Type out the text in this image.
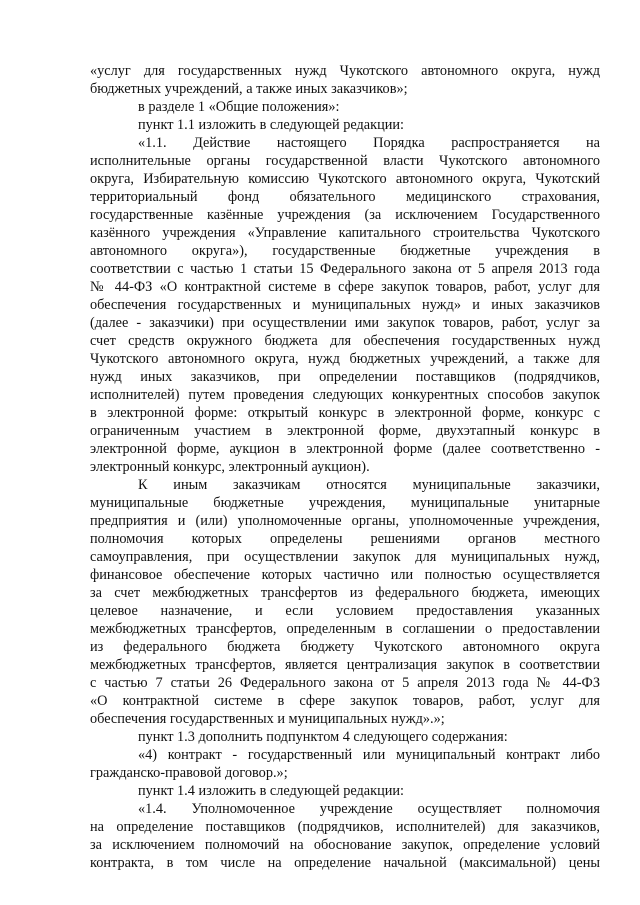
«услуг для государственных нужд Чукотского автономного округа, нужд
бюджетных учреждений, а также иных заказчиков»;
в разделе 1 «Общие положения»:
пункт 1.1 изложить в следующей редакции:
«1.1. Действие настоящего Порядка распространяется на
исполнительные органы государственной власти Чукотского автономного
округа, Избирательную комиссию Чукотского автономного округа, Чукотский
территориальный фонд обязательного медицинского страхования,
государственные казённые учреждения (за исключением Государственного
казённого учреждения «Управление капитального строительства Чукотского
автономного округа»), государственные бюджетные учреждения в
соответствии с частью 1 статьи 15 Федерального закона от 5 апреля 2013 года
№ 44-ФЗ «О контрактной системе в сфере закупок товаров, работ, услуг для
обеспечения государственных и муниципальных нужд» и иных заказчиков
(далее - заказчики) при осуществлении ими закупок товаров, работ, услуг за
счет средств окружного бюджета для обеспечения государственных нужд
Чукотского автономного округа, нужд бюджетных учреждений, а также для
нужд иных заказчиков, при определении поставщиков (подрядчиков,
исполнителей) путем проведения следующих конкурентных способов закупок
в электронной форме: открытый конкурс в электронной форме, конкурс с
ограниченным участием в электронной форме, двухэтапный конкурс в
электронной форме, аукцион в электронной форме (далее соответственно -
электронный конкурс, электронный аукцион).
К иным заказчикам относятся муниципальные заказчики,
муниципальные бюджетные учреждения, муниципальные унитарные
предприятия и (или) уполномоченные органы, уполномоченные учреждения,
полномочия которых определены решениями органов местного
самоуправления, при осуществлении закупок для муниципальных нужд,
финансовое обеспечение которых частично или полностью осуществляется
за счет межбюджетных трансфертов из федерального бюджета, имеющих
целевое назначение, и если условием предоставления указанных
межбюджетных трансфертов, определенным в соглашении о предоставлении
из федерального бюджета бюджету Чукотского автономного округа
межбюджетных трансфертов, является централизация закупок в соответствии
с частью 7 статьи 26 Федерального закона от 5 апреля 2013 года № 44-ФЗ
«О контрактной системе в сфере закупок товаров, работ, услуг для
обеспечения государственных и муниципальных нужд».»;
пункт 1.3 дополнить подпунктом 4 следующего содержания:
«4) контракт - государственный или муниципальный контракт либо
гражданско-правовой договор.»;
пункт 1.4 изложить в следующей редакции:
«1.4. Уполномоченное учреждение осуществляет полномочия
на определение поставщиков (подрядчиков, исполнителей) для заказчиков,
за исключением полномочий на обоснование закупок, определение условий
контракта, в том числе на определение начальной (максимальной) цены
